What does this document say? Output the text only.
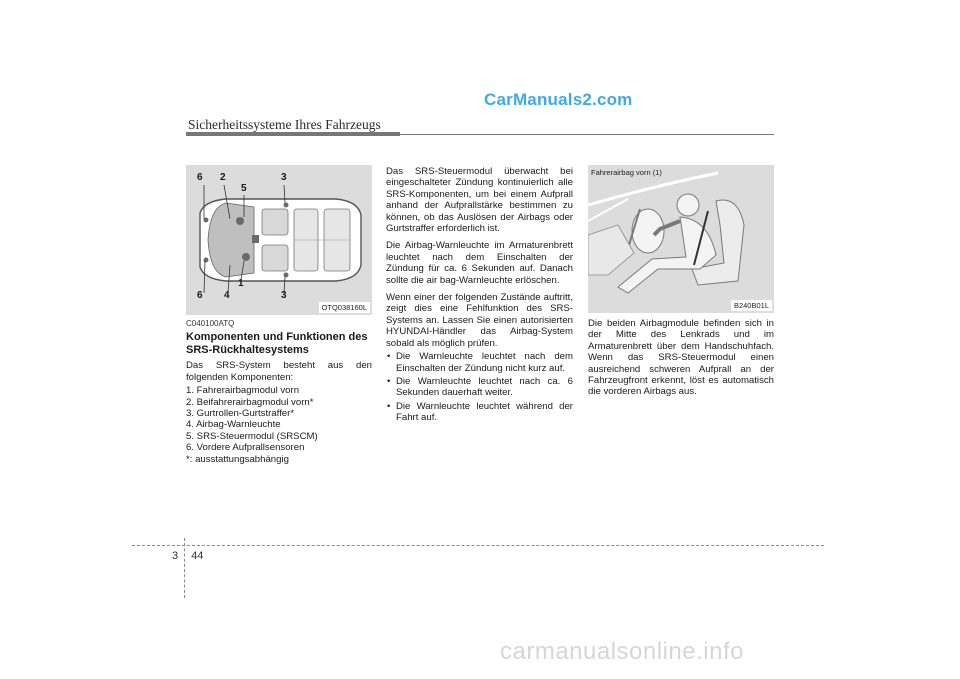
CarManuals2.com
Sicherheitssysteme Ihres Fahrzeugs
6 2
5
3
1
6 4	3
OTQ038160L
C040100ATQ
Komponenten und Funktionen des SRS-Rückhaltesystems

Das SRS-System besteht aus den folgenden Komponenten:

1. Fahrerairbagmodul vorn
2. Beifahrerairbagmodul vorn*
3. Gurtrollen-Gurtstraffer*
4. Airbag-Warnleuchte
5. SRS-Steuermodul (SRSCM)
6. Vordere Aufprallsensoren
*: ausstattungsabhängig

Das SRS-Steuermodul überwacht bei eingeschalteter Zündung kontinuierlich alle SRS-Komponenten, um bei einem Aufprall anhand der Aufprallstärke bestimmen zu können, ob das Auslösen der Airbags oder Gurtstraffer erforderlich ist.

Die Airbag-Warnleuchte im Armaturenbrett leuchtet nach dem Einschalten der Zündung für ca. 6 Sekunden auf. Danach sollte die air bag-Warnleuchte erlöschen.

Wenn einer der folgenden Zustände auftritt, zeigt dies eine Fehlfunktion des SRS-Systems an. Lassen Sie einen autorisierten HYUNDAI-Händler das Airbag-System sobald als möglich prüfen.

• Die Warnleuchte leuchtet nach dem Einschalten der Zündung nicht kurz auf.
• Die Warnleuchte leuchtet nach ca. 6 Sekunden dauerhaft weiter.
• Die Warnleuchte leuchtet während der Fahrt auf.
Fahrerairbag vorn (1)
B240B01L

Die beiden Airbagmodule befinden sich in der Mitte des Lenkrads und im Armaturenbrett über dem Handschuhfach. Wenn das SRS-Steuermodul einen ausreichend schweren Aufprall an der Fahrzeugfront erkennt, löst es automatisch die vorderen Airbags aus.

3 44
carmanualsonline.info
